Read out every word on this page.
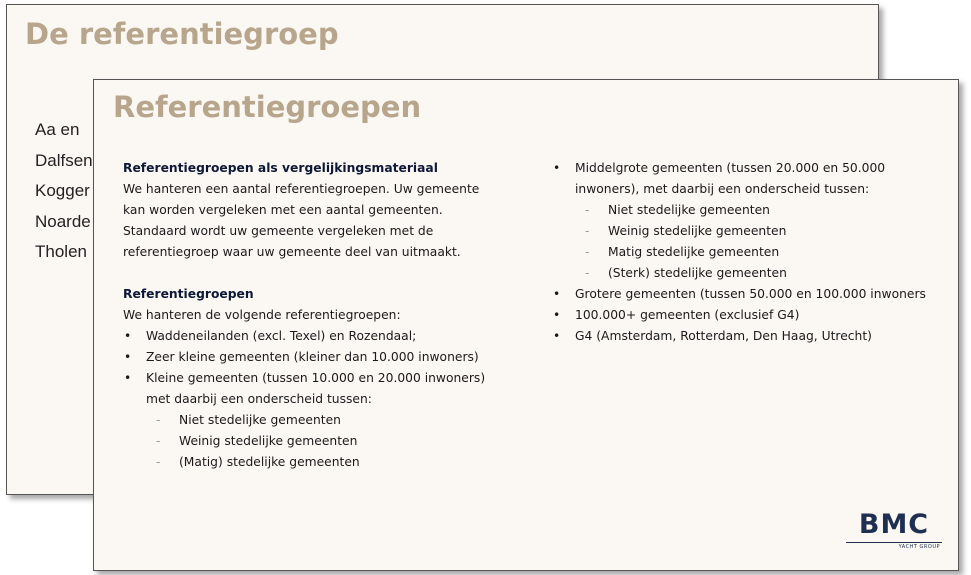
De referentiegroep
Aa en
Dalfsen
Kogger
Noarde
Tholen
Referentiegroepen
Referentiegroepen als vergelijkingsmateriaal
We hanteren een aantal referentiegroepen. Uw gemeente
kan worden vergeleken met een aantal gemeenten.
Standaard wordt uw gemeente vergeleken met de
referentiegroep waar uw gemeente deel van uitmaakt.
Referentiegroepen
We hanteren de volgende referentiegroepen:
• Waddeneilanden (excl. Texel) en Rozendaal;
• Zeer kleine gemeenten (kleiner dan 10.000 inwoners)
• Kleine gemeenten (tussen 10.000 en 20.000 inwoners)
met daarbij een onderscheid tussen:
- Niet stedelijke gemeenten
- Weinig stedelijke gemeenten
- (Matig) stedelijke gemeenten
• Middelgrote gemeenten (tussen 20.000 en 50.000
inwoners), met daarbij een onderscheid tussen:
- Niet stedelijke gemeenten
- Weinig stedelijke gemeenten
- Matig stedelijke gemeenten
- (Sterk) stedelijke gemeenten
• Grotere gemeenten (tussen 50.000 en 100.000 inwoners
• 100.000+ gemeenten (exclusief G4)
• G4 (Amsterdam, Rotterdam, Den Haag, Utrecht)
BMC
YACHT GROUP
